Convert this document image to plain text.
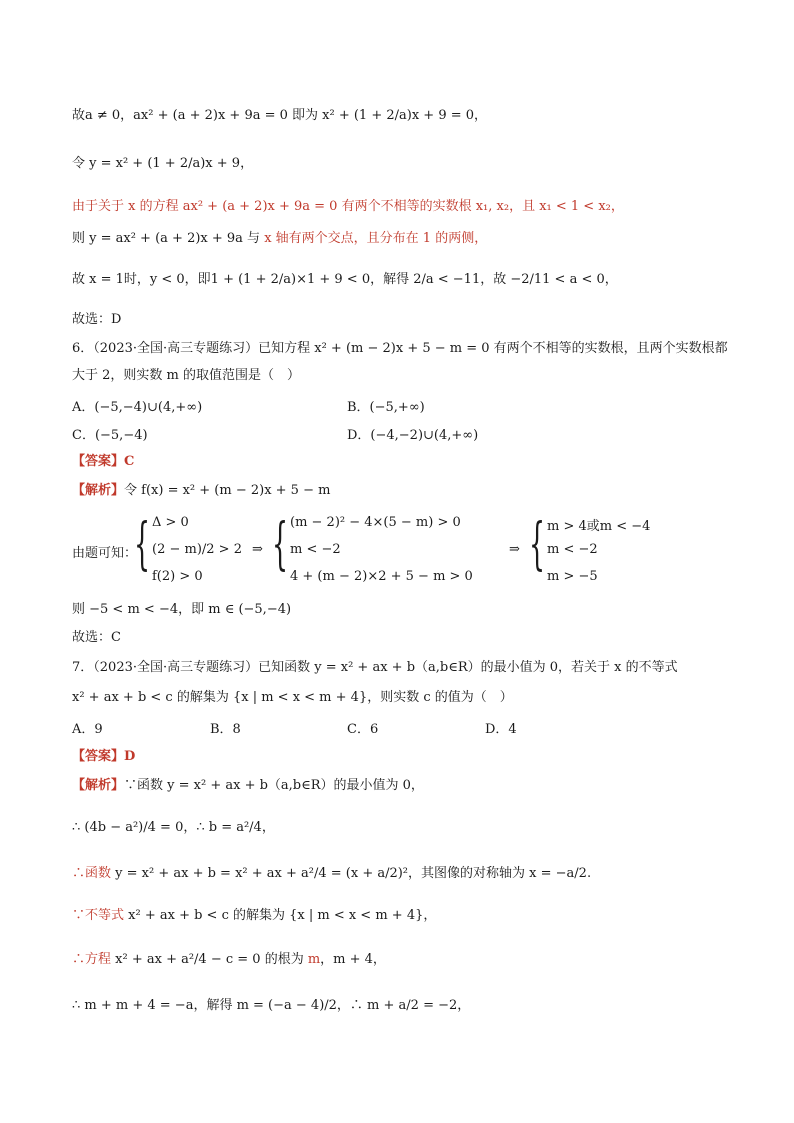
故a ≠ 0，ax² + (a + 2)x + 9a = 0 即为 x² + (1 + 2/a)x + 9 = 0，
令 y = x² + (1 + 2/a)x + 9，
由于关于 x 的方程 ax² + (a + 2)x + 9a = 0 有两个不相等的实数根 x₁, x₂，且 x₁ < 1 < x₂，
则 y = ax² + (a + 2)x + 9a 与 x 轴有两个交点，且分布在 1 的两侧，
故 x = 1时，y < 0，即1 + (1 + 2/a)×1 + 9 < 0，解得 2/a < −11，故 −2/11 < a < 0，
故选：D
6．（2023·全国·高三专题练习）已知方程 x² + (m − 2)x + 5 − m = 0 有两个不相等的实数根，且两个实数根都
大于 2，则实数 m 的取值范围是（　）
A．(−5,−4)∪(4,+∞)	B．(−5,+∞)
C．(−5,−4)	D．(−4,−2)∪(4,+∞)
【答案】C
【解析】令 f(x) = x² + (m − 2)x + 5 − m
由题可知：
{ Δ > 0
(2 − m)/2 > 2
f(2) > 0
⇒ { (m − 2)² − 4×(5 − m) > 0
m < −2
4 + (m − 2)×2 + 5 − m > 0
⇒ { m > 4或m < −4
m < −2
m > −5
则 −5 < m < −4，即 m ∈ (−5,−4)
故选：C
7．（2023·全国·高三专题练习）已知函数 y = x² + ax + b（a,b∈R）的最小值为 0，若关于 x 的不等式
x² + ax + b < c 的解集为 {x | m < x < m + 4}，则实数 c 的值为（　）
A．9	B．8	C．6	D．4
【答案】D
【解析】∵函数 y = x² + ax + b（a,b∈R）的最小值为 0，
∴ (4b − a²)/4 = 0，∴ b = a²/4，
∴函数 y = x² + ax + b = x² + ax + a²/4 = (x + a/2)²，其图像的对称轴为 x = −a/2.
∵不等式 x² + ax + b < c 的解集为 {x | m < x < m + 4}，
∴方程 x² + ax + a²/4 − c = 0 的根为 m，m + 4，
∴ m + m + 4 = −a，解得 m = (−a − 4)/2，∴ m + a/2 = −2，
